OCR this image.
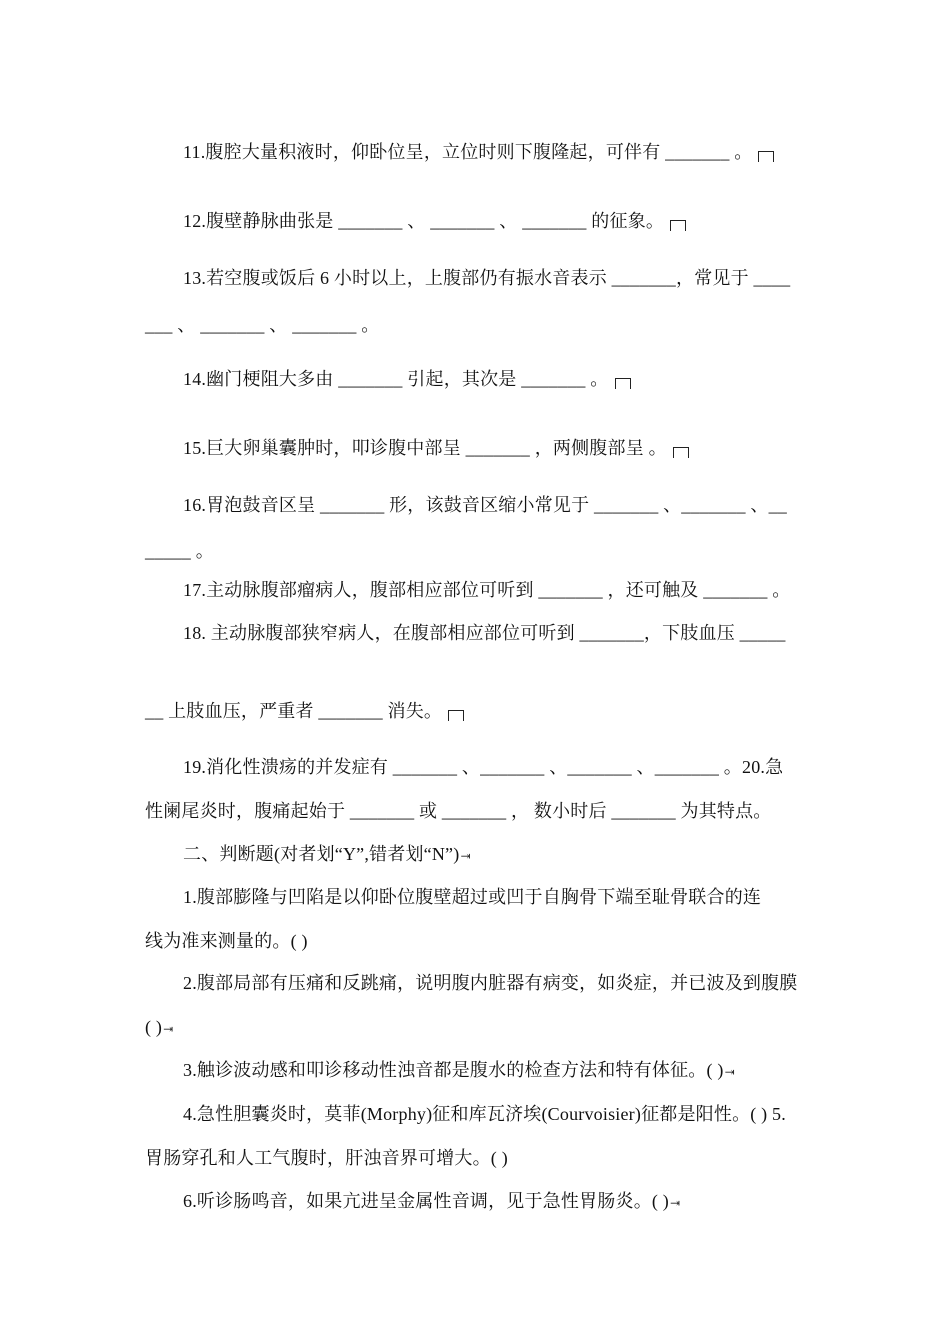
11.腹腔大量积液时，仰卧位呈，立位时则下腹隆起，可伴有 _______ 。
12.腹壁静脉曲张是 _______ 、 _______ 、 _______ 的征象。
13.若空腹或饭后 6 小时以上，上腹部仍有振水音表示 _______，常见于 ____
___ 、 _______ 、 _______ 。
14.幽门梗阻大多由 _______ 引起，其次是 _______ 。
15.巨大卵巢囊肿时，叩诊腹中部呈 _______ ，两侧腹部呈 。
16.胃泡鼓音区呈 _______ 形，该鼓音区缩小常见于 _______ 、_______ 、__
_____ 。
17.主动脉腹部瘤病人，腹部相应部位可听到 _______ ，还可触及 _______ 。
18. 主动脉腹部狭窄病人，在腹部相应部位可听到 _______，下肢血压 _____
__ 上肢血压，严重者 _______ 消失。
19.消化性溃疡的并发症有 _______ 、_______ 、_______ 、_______ 。20.急
性阑尾炎时，腹痛起始于 _______ 或 _______ ， 数小时后 _______ 为其特点。
二、判断题(对者划“Y”,错者划“N”)⇥
1.腹部膨隆与凹陷是以仰卧位腹壁超过或凹于自胸骨下端至耻骨联合的连
线为准来测量的。( )
2.腹部局部有压痛和反跳痛，说明腹内脏器有病变，如炎症，并已波及到腹膜
( )⇥
3.触诊波动感和叩诊移动性浊音都是腹水的检查方法和特有体征。( )⇥
4.急性胆囊炎时，莫菲(Morphy)征和库瓦济埃(Courvoisier)征都是阳性。( ) 5.
胃肠穿孔和人工气腹时，肝浊音界可增大。( )
6.听诊肠鸣音，如果亢进呈金属性音调，见于急性胃肠炎。( )⇥
